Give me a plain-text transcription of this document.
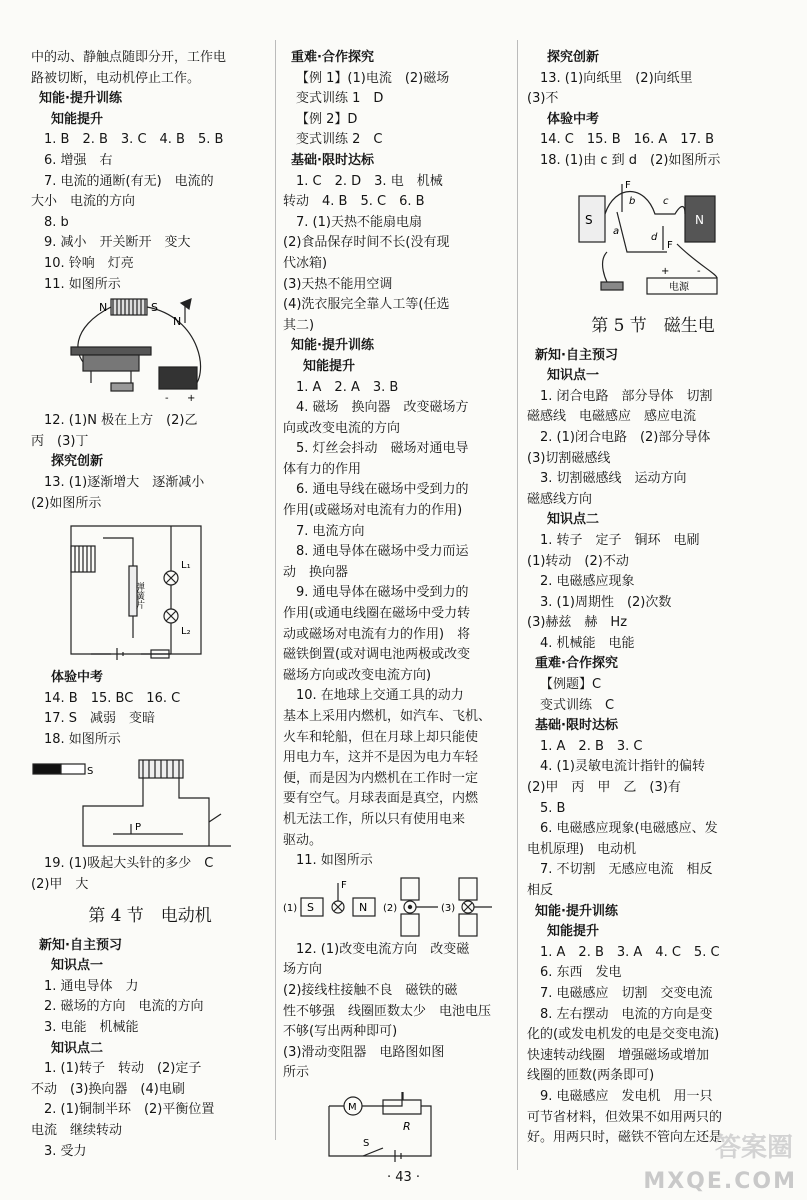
中的动、静触点随即分开，工作电
路被切断，电动机停止工作。
知能·提升训练
知能提升
1. B　2. B　3. C　4. B　5. B
6. 增强　右
7. 电流的通断(有无)　电流的
大小　电流的方向
8. b
9. 减小　开关断开　变大
10. 铃响　灯亮
11. 如图所示
N	S
N
- +
12. (1)N 极在上方　(2)乙
丙　(3)丁
探究创新
13. (1)逐渐增大　逐渐减小
(2)如图所示
弹簧片
L₁
L₂
体验中考
14. B　15. BC　16. C
17. S　减弱　变暗
18. 如图所示
S
P
19. (1)吸起大头针的多少　C
(2)甲　大
第 4 节　电动机
新知·自主预习
知识点一
1. 通电导体　力
2. 磁场的方向　电流的方向
3. 电能　机械能
知识点二
1. (1)转子　转动　(2)定子
不动　(3)换向器　(4)电刷
2. (1)铜制半环　(2)平衡位置
电流　继续转动
3. 受力
重难·合作探究
【例 1】(1)电流　(2)磁场
变式训练 1　D
【例 2】D
变式训练 2　C
基础·限时达标
1. C　2. D　3. 电　机械
转动　4. B　5. C　6. B
7. (1)天热不能扇电扇
(2)食品保存时间不长(没有现
代冰箱)
(3)天热不能用空调
(4)洗衣服完全靠人工等(任选
其二)
知能·提升训练
知能提升
1. A　2. A　3. B
4. 磁场　换向器　改变磁场方
向或改变电流的方向
5. 灯丝会抖动　磁场对通电导
体有力的作用
6. 通电导线在磁场中受到力的
作用(或磁场对电流有力的作用)
7. 电流方向
8. 通电导体在磁场中受力而运
动　换向器
9. 通电导体在磁场中受到力的
作用(或通电线圈在磁场中受力转
动或磁场对电流有力的作用)　将
磁铁倒置(或对调电池两极或改变
磁场方向或改变电流方向)
10. 在地球上交通工具的动力
基本上采用内燃机，如汽车、飞机、
火车和轮船，但在月球上却只能使
用电力车，这并不是因为电力车轻
便，而是因为内燃机在工作时一定
要有空气。月球表面是真空，内燃
机无法工作，所以只有使用电来
驱动。
11. 如图所示
(1) S
F
N (2)	(3)
12. (1)改变电流方向　改变磁
场方向
(2)接线柱接触不良　磁铁的磁
性不够强　线圈匝数太少　电池电压
不够(写出两种即可)
(3)滑动变阻器　电路图如图
所示
M
R
S
探究创新
13. (1)向纸里　(2)向纸里
(3)不
体验中考
14. C　15. B　16. A　17. B
18. (1)由 c 到 d　(2)如图所示
F
S	N
a
b	c
d
F
+	-
电源
第 5 节　磁生电
新知·自主预习
知识点一
1. 闭合电路　部分导体　切割
磁感线　电磁感应　感应电流
2. (1)闭合电路　(2)部分导体
(3)切割磁感线
3. 切割磁感线　运动方向
磁感线方向
知识点二
1. 转子　定子　铜环　电刷
(1)转动　(2)不动
2. 电磁感应现象
3. (1)周期性　(2)次数
(3)赫兹　赫　Hz
4. 机械能　电能
重难·合作探究
【例题】C
变式训练　C
基础·限时达标
1. A　2. B　3. C
4. (1)灵敏电流计指针的偏转
(2)甲　丙　甲　乙　(3)有
5. B
6. 电磁感应现象(电磁感应、发
电机原理)　电动机
7. 不切割　无感应电流　相反
相反
知能·提升训练
知能提升
1. A　2. B　3. A　4. C　5. C
6. 东西　发电
7. 电磁感应　切割　交变电流
8. 左右摆动　电流的方向是变
化的(或发电机发的电是交变电流)
快速转动线圈　增强磁场或增加
线圈的匝数(两条即可)
9. 电磁感应　发电机　用一只
可节省材料，但效果不如用两只的
好。用两只时，磁铁不管向左还是
· 43 ·
答案圈
MXQE.COM
